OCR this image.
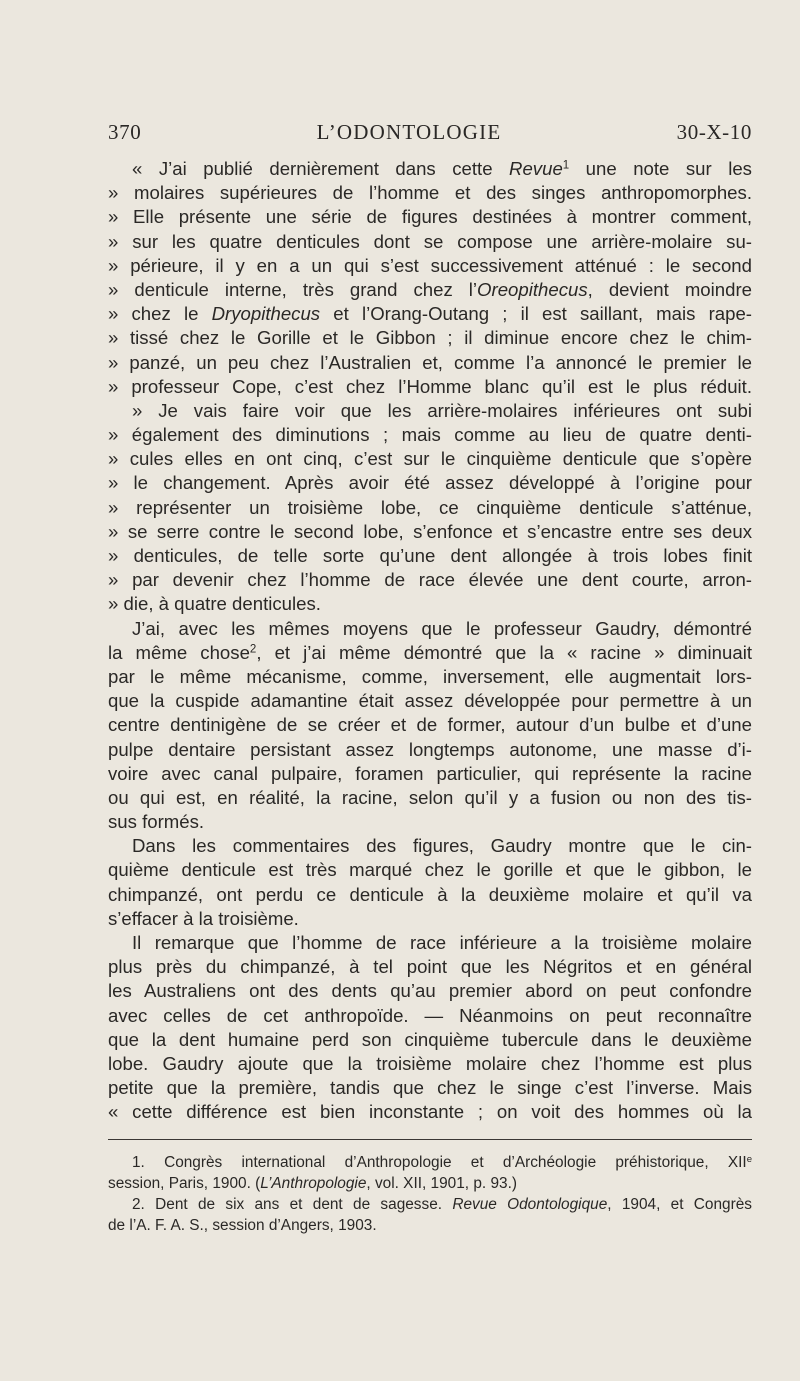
370	L’ODONTOLOGIE	30-X-10
« J’ai publié dernièrement dans cette Revue$^1$ une note sur les
» molaires supérieures de l’homme et des singes anthropomorphes.
» Elle présente une série de figures destinées à montrer comment,
» sur les quatre denticules dont se compose une arrière-molaire su-
» périeure, il y en a un qui s’est successivement atténué : le second
» denticule interne, très grand chez l’Oreopithecus, devient moindre
» chez le Dryopithecus et l’Orang-Outang ; il est saillant, mais rape-
» tissé chez le Gorille et le Gibbon ; il diminue encore chez le chim-
» panzé, un peu chez l’Australien et, comme l’a annoncé le premier le
» professeur Cope, c’est chez l’Homme blanc qu’il est le plus réduit.
» Je vais faire voir que les arrière-molaires inférieures ont subi
» également des diminutions ; mais comme au lieu de quatre denti-
» cules elles en ont cinq, c’est sur le cinquième denticule que s’opère
» le changement. Après avoir été assez développé à l’origine pour
» représenter un troisième lobe, ce cinquième denticule s’atténue,
» se serre contre le second lobe, s’enfonce et s’encastre entre ses deux
» denticules, de telle sorte qu’une dent allongée à trois lobes finit
» par devenir chez l’homme de race élevée une dent courte, arron-
» die, à quatre denticules.
J’ai, avec les mêmes moyens que le professeur Gaudry, démontré
la même chose$^2$, et j’ai même démontré que la « racine » diminuait
par le même mécanisme, comme, inversement, elle augmentait lors-
que la cuspide adamantine était assez développée pour permettre à un
centre dentinigène de se créer et de former, autour d’un bulbe et d’une
pulpe dentaire persistant assez longtemps autonome, une masse d’i-
voire avec canal pulpaire, foramen particulier, qui représente la racine
ou qui est, en réalité, la racine, selon qu’il y a fusion ou non des tis-
sus formés.
Dans les commentaires des figures, Gaudry montre que le cin-
quième denticule est très marqué chez le gorille et que le gibbon, le
chimpanzé, ont perdu ce denticule à la deuxième molaire et qu’il va
s’effacer à la troisième.
Il remarque que l’homme de race inférieure a la troisième molaire
plus près du chimpanzé, à tel point que les Négritos et en général
les Australiens ont des dents qu’au premier abord on peut confondre
avec celles de cet anthropoïde. — Néanmoins on peut reconnaître
que la dent humaine perd son cinquième tubercule dans le deuxième
lobe. Gaudry ajoute que la troisième molaire chez l’homme est plus
petite que la première, tandis que chez le singe c’est l’inverse. Mais
« cette différence est bien inconstante ; on voit des hommes où la
1. Congrès international d’Anthropologie et d’Archéologie préhistorique, XIIe
session, Paris, 1900. (L’Anthropologie, vol. XII, 1901, p. 93.)
2. Dent de six ans et dent de sagesse. Revue Odontologique, 1904, et Congrès
de l’A. F. A. S., session d’Angers, 1903.
